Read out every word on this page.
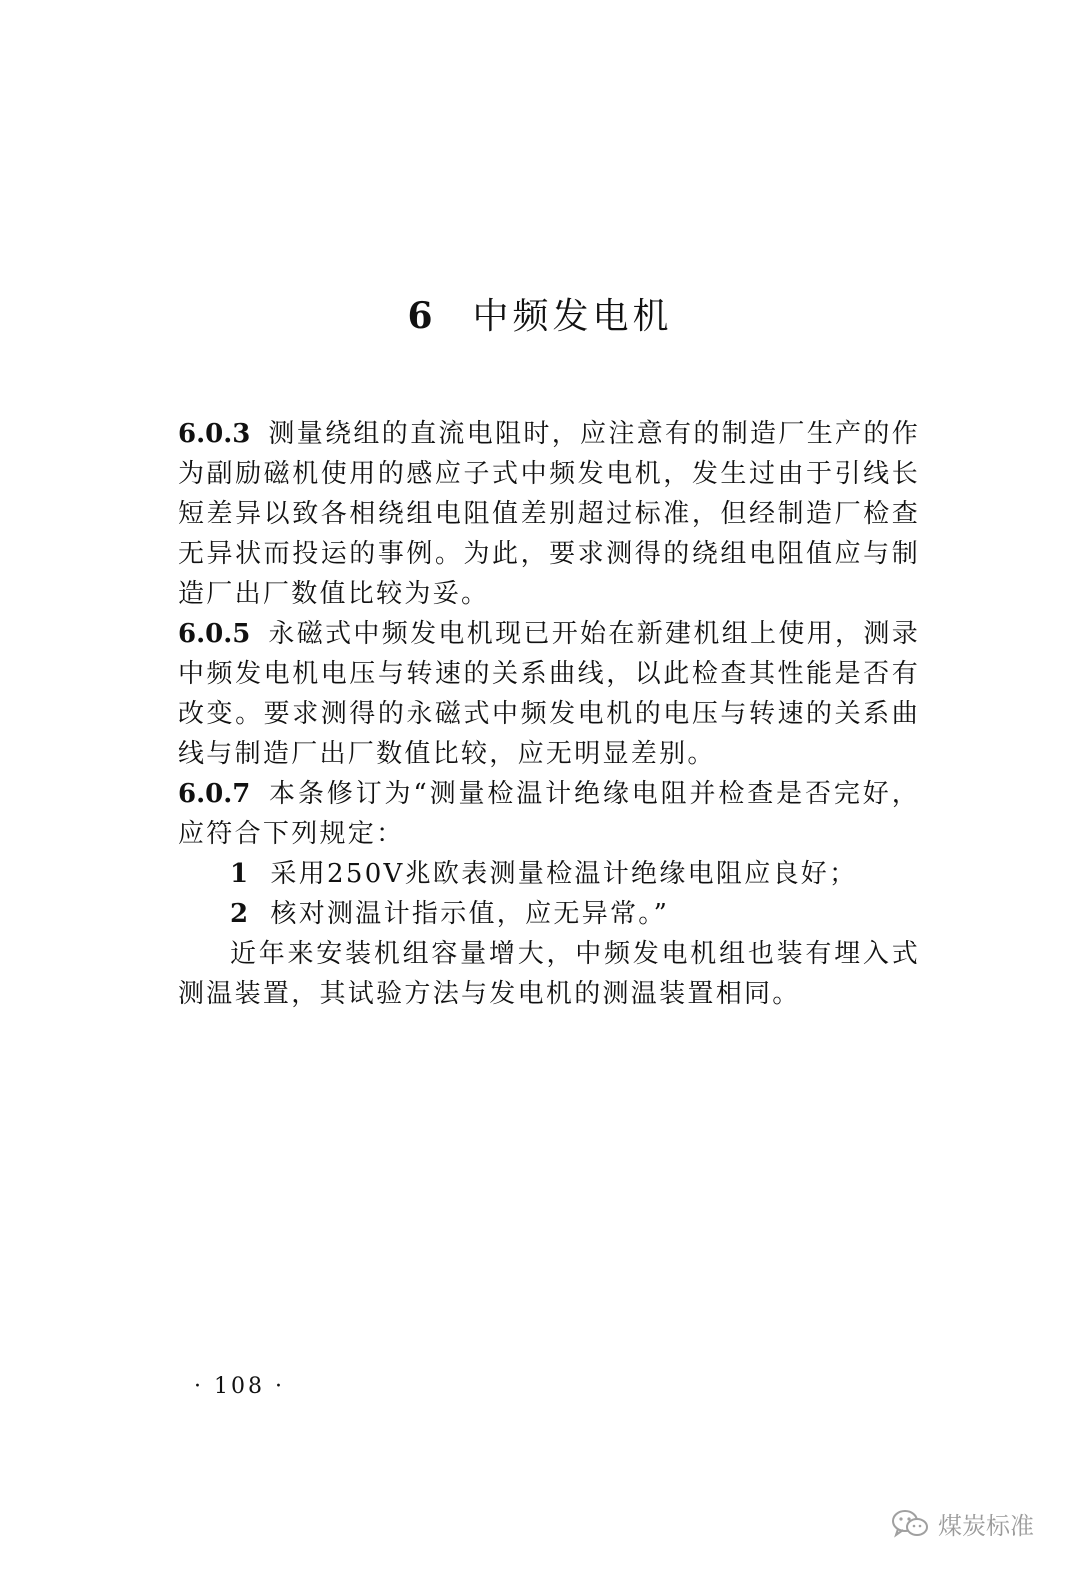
6 中频发电机

6.0.3 测量绕组的直流电阻时，应注意有的制造厂生产的作为副励磁机使用的感应子式中频发电机，发生过由于引线长短差异以致各相绕组电阻值差别超过标准，但经制造厂检查无异状而投运的事例。为此，要求测得的绕组电阻值应与制造厂出厂数值比较为妥。

6.0.5 永磁式中频发电机现已开始在新建机组上使用，测录中频发电机电压与转速的关系曲线，以此检查其性能是否有改变。要求测得的永磁式中频发电机的电压与转速的关系曲线与制造厂出厂数值比较，应无明显差别。

6.0.7 本条修订为“测量检温计绝缘电阻并检查是否完好，应符合下列规定：

1 采用250V兆欧表测量检温计绝缘电阻应良好；

2 核对测温计指示值，应无异常。”

近年来安装机组容量增大，中频发电机组也装有埋入式测温装置，其试验方法与发电机的测温装置相同。

· 108 ·
煤炭标准
